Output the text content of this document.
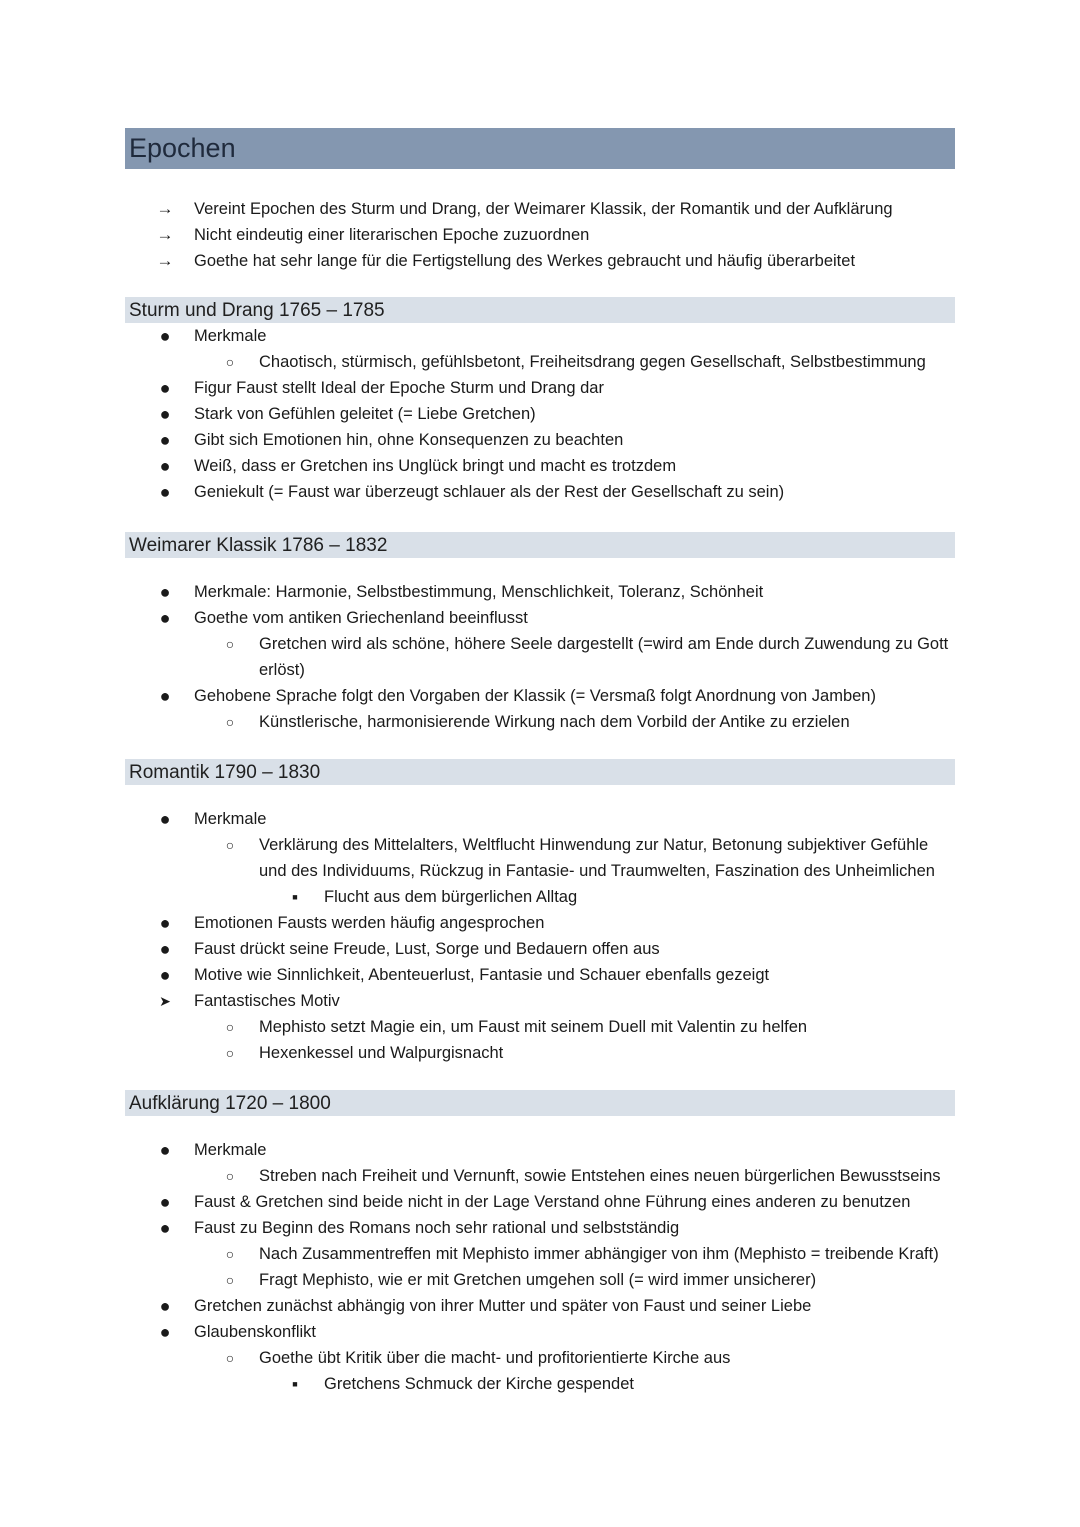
Epochen
→ Vereint Epochen des Sturm und Drang, der Weimarer Klassik, der Romantik und der Aufklärung
→ Nicht eindeutig einer literarischen Epoche zuzuordnen
→ Goethe hat sehr lange für die Fertigstellung des Werkes gebraucht und häufig überarbeitet
Sturm und Drang 1765 – 1785
● Merkmale
○	Chaotisch, stürmisch, gefühlsbetont, Freiheitsdrang gegen Gesellschaft, Selbstbestimmung
● Figur Faust stellt Ideal der Epoche Sturm und Drang dar
● Stark von Gefühlen geleitet (= Liebe Gretchen)
● Gibt sich Emotionen hin, ohne Konsequenzen zu beachten
● Weiß, dass er Gretchen ins Unglück bringt und macht es trotzdem
● Geniekult (= Faust war überzeugt schlauer als der Rest der Gesellschaft zu sein)
Weimarer Klassik 1786 – 1832
● Merkmale: Harmonie, Selbstbestimmung, Menschlichkeit, Toleranz, Schönheit
● Goethe vom antiken Griechenland beeinflusst
○	Gretchen wird als schöne, höhere Seele dargestellt (=wird am Ende durch Zuwendung zu Gott erlöst)
● Gehobene Sprache folgt den Vorgaben der Klassik (= Versmaß folgt Anordnung von Jamben)
○	Künstlerische, harmonisierende Wirkung nach dem Vorbild der Antike zu erzielen
Romantik 1790 – 1830
● Merkmale
○	Verklärung des Mittelalters, Weltflucht Hinwendung zur Natur, Betonung subjektiver Gefühle und des Individuums, Rückzug in Fantasie- und Traumwelten, Faszination des Unheimlichen
■	Flucht aus dem bürgerlichen Alltag
● Emotionen Fausts werden häufig angesprochen
● Faust drückt seine Freude, Lust, Sorge und Bedauern offen aus
● Motive wie Sinnlichkeit, Abenteuerlust, Fantasie und Schauer ebenfalls gezeigt
➤ Fantastisches Motiv
○	Mephisto setzt Magie ein, um Faust mit seinem Duell mit Valentin zu helfen
○	Hexenkessel und Walpurgisnacht
Aufklärung 1720 – 1800
● Merkmale
○	Streben nach Freiheit und Vernunft, sowie Entstehen eines neuen bürgerlichen Bewusstseins
● Faust & Gretchen sind beide nicht in der Lage Verstand ohne Führung eines anderen zu benutzen
● Faust zu Beginn des Romans noch sehr rational und selbstständig
○	Nach Zusammentreffen mit Mephisto immer abhängiger von ihm (Mephisto = treibende Kraft)
○	Fragt Mephisto, wie er mit Gretchen umgehen soll (= wird immer unsicherer)
● Gretchen zunächst abhängig von ihrer Mutter und später von Faust und seiner Liebe
● Glaubenskonflikt
○	Goethe übt Kritik über die macht- und profitorientierte Kirche aus
■	Gretchens Schmuck der Kirche gespendet
